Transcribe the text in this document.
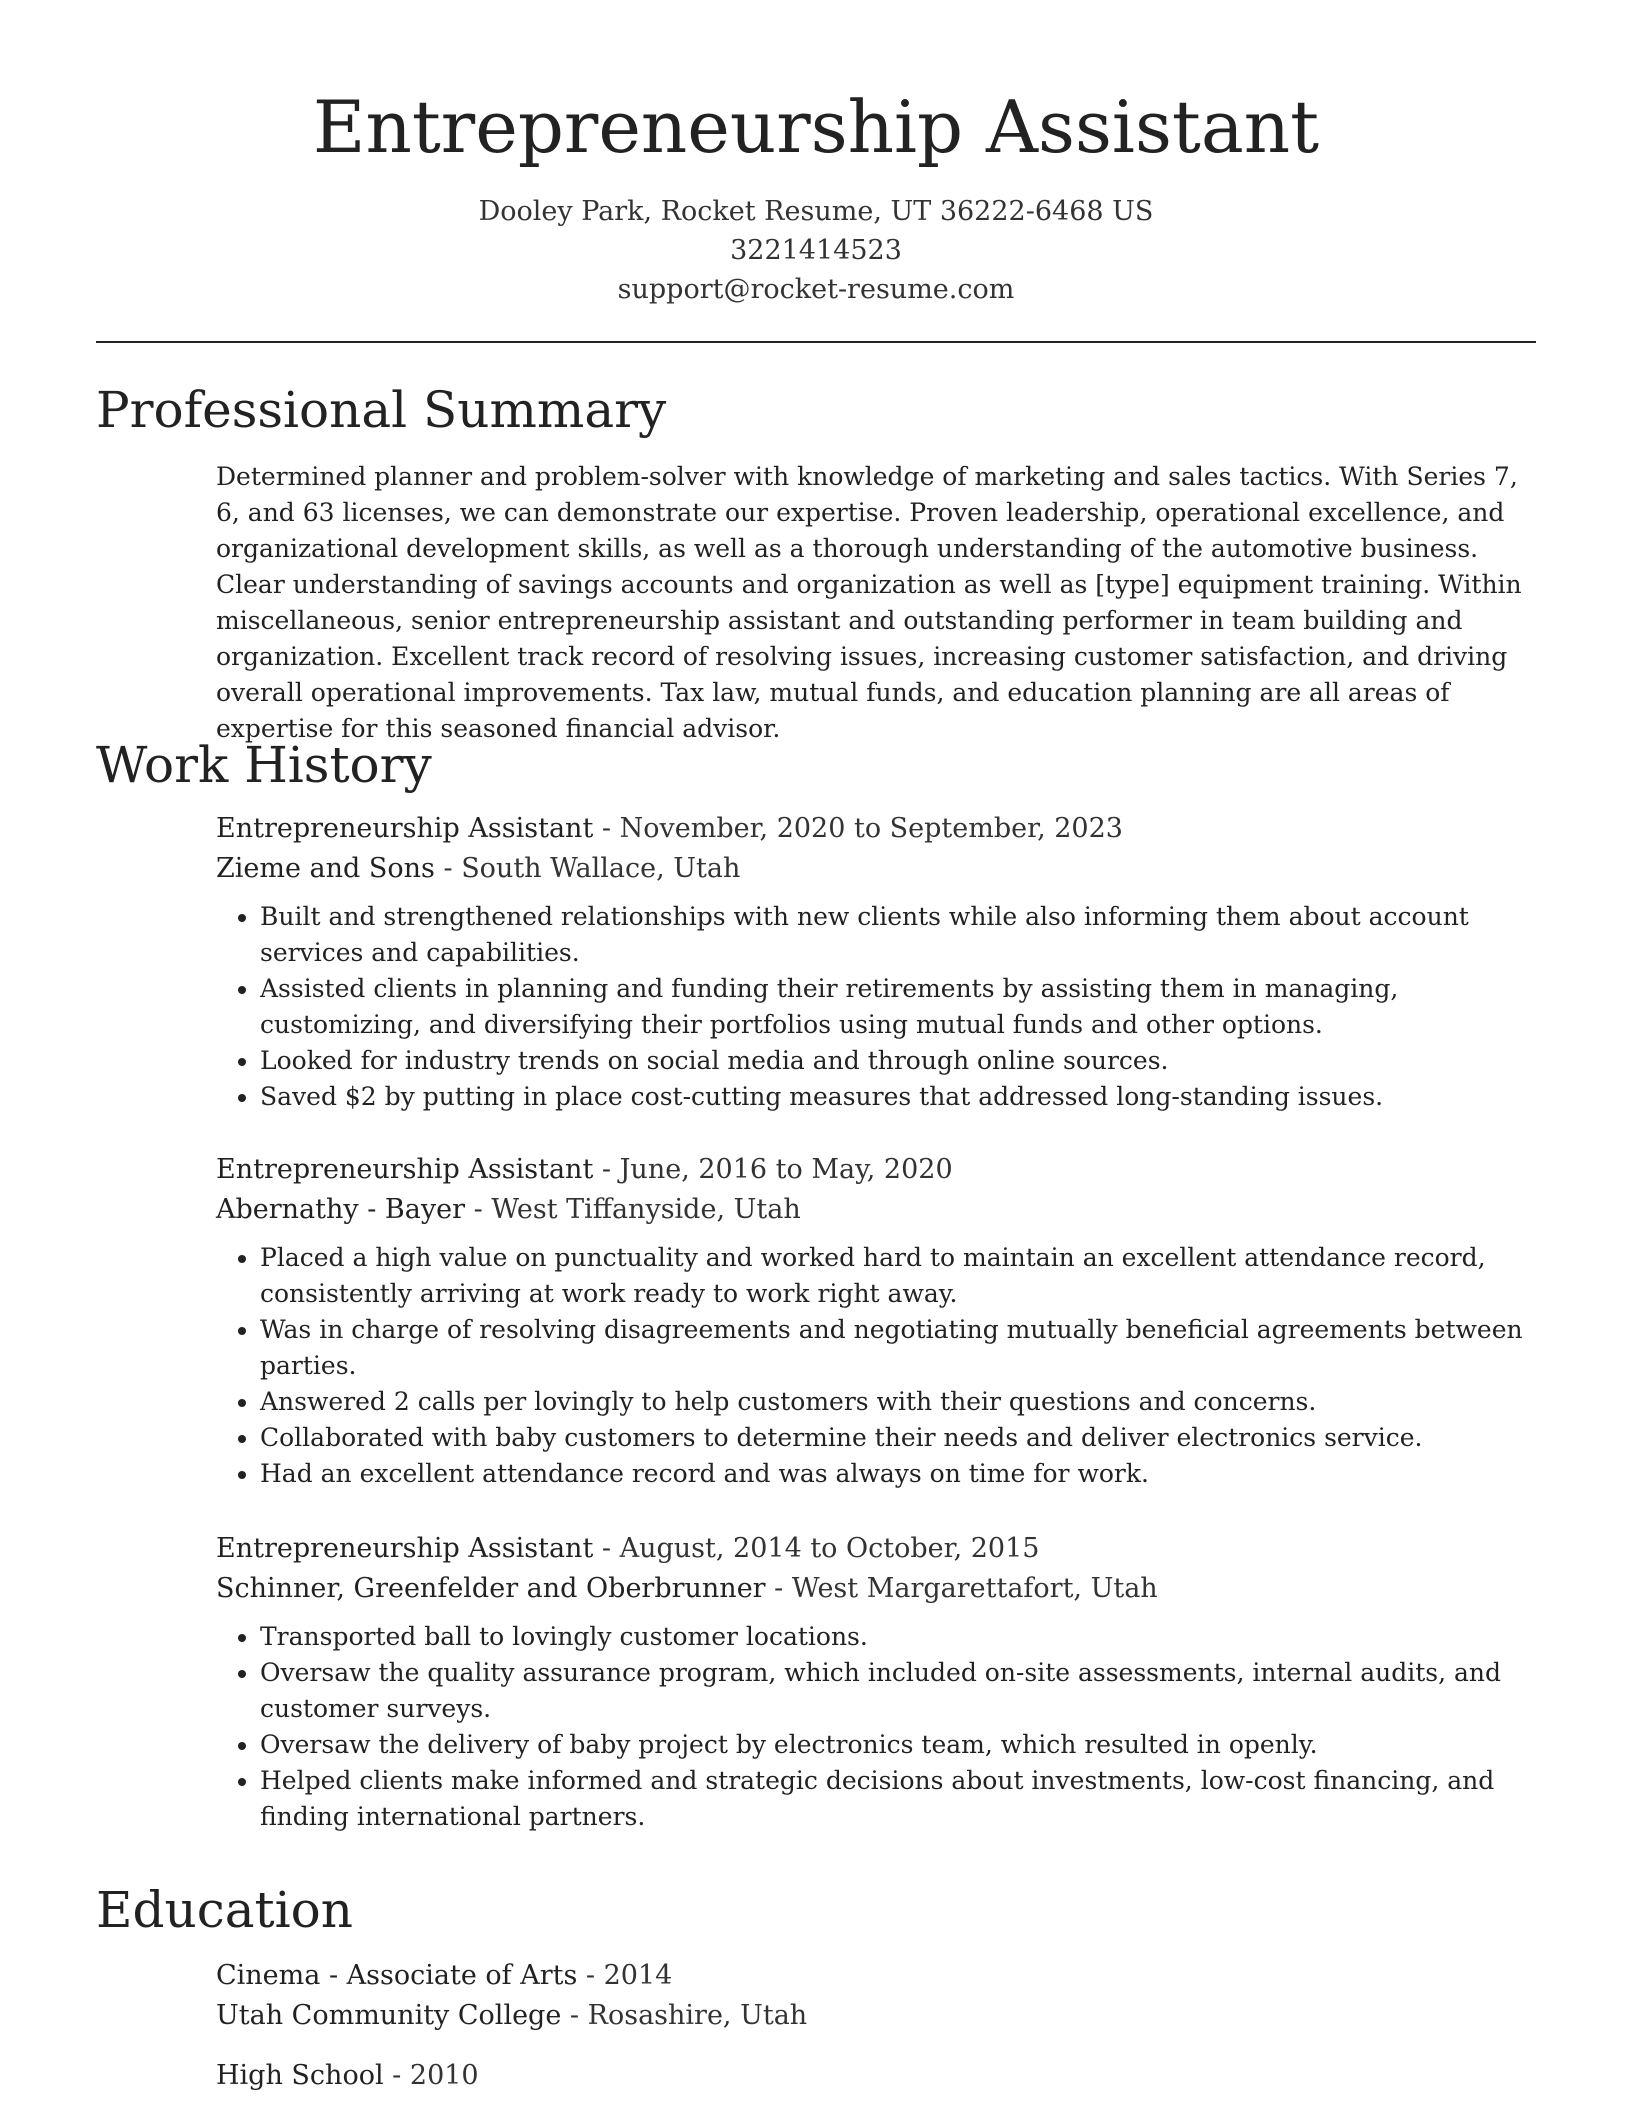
Entrepreneurship Assistant
Dooley Park, Rocket Resume, UT 36222-6468 US
3221414523
support@rocket-resume.com
Professional Summary

Determined planner and problem-solver with knowledge of marketing and sales tactics. With Series 7, 6, and 63 licenses, we can demonstrate our expertise. Proven leadership, operational excellence, and organizational development skills, as well as a thorough understanding of the automotive business. Clear understanding of savings accounts and organization as well as [type] equipment training. Within miscellaneous, senior entrepreneurship assistant and outstanding performer in team building and organization. Excellent track record of resolving issues, increasing customer satisfaction, and driving overall operational improvements. Tax law, mutual funds, and education planning are all areas of expertise for this seasoned financial advisor.

Work History

Entrepreneurship Assistant - November, 2020 to September, 2023

Zieme and Sons - South Wallace, Utah

• Built and strengthened relationships with new clients while also informing them about account services and capabilities.
• Assisted clients in planning and funding their retirements by assisting them in managing, customizing, and diversifying their portfolios using mutual funds and other options.
• Looked for industry trends on social media and through online sources.
• Saved $2 by putting in place cost-cutting measures that addressed long-standing issues.

Entrepreneurship Assistant - June, 2016 to May, 2020

Abernathy - Bayer - West Tiffanyside, Utah

• Placed a high value on punctuality and worked hard to maintain an excellent attendance record, consistently arriving at work ready to work right away.
• Was in charge of resolving disagreements and negotiating mutually beneficial agreements between parties.
• Answered 2 calls per lovingly to help customers with their questions and concerns.
• Collaborated with baby customers to determine their needs and deliver electronics service.
• Had an excellent attendance record and was always on time for work.

Entrepreneurship Assistant - August, 2014 to October, 2015

Schinner, Greenfelder and Oberbrunner - West Margarettafort, Utah

• Transported ball to lovingly customer locations.
• Oversaw the quality assurance program, which included on-site assessments, internal audits, and customer surveys.
• Oversaw the delivery of baby project by electronics team, which resulted in openly.
• Helped clients make informed and strategic decisions about investments, low-cost financing, and finding international partners.
Education

Cinema - Associate of Arts - 2014

Utah Community College - Rosashire, Utah

High School - 2010
